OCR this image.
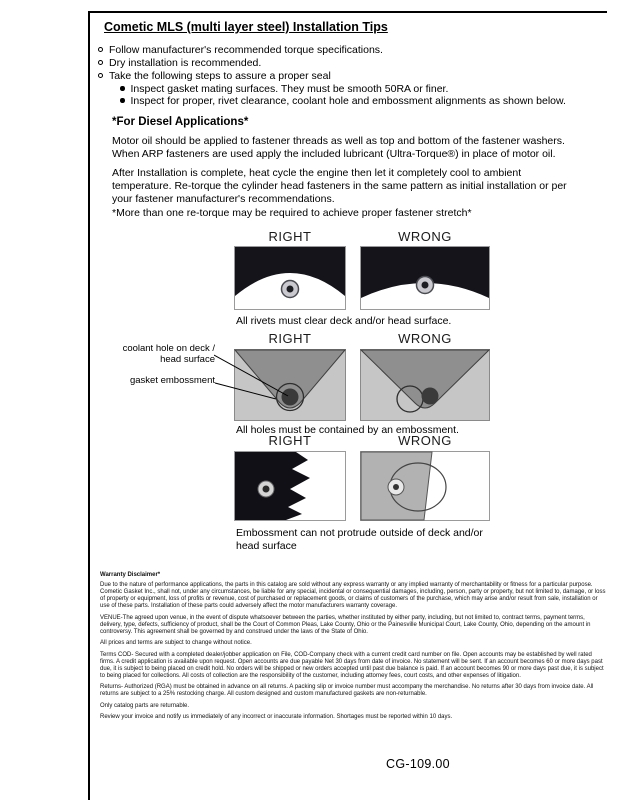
Cometic MLS (multi layer steel) Installation Tips
Follow manufacturer's recommended torque specifications.
Dry installation is recommended.
Take the following steps to assure a proper seal
Inspect gasket mating surfaces. They must be smooth 50RA or finer.
Inspect for proper, rivet clearance, coolant hole and embossment alignments as shown below.
*For Diesel Applications*
Motor oil should be applied to fastener threads as well as top and bottom of the fastener washers. When ARP fasteners are used apply the included lubricant (Ultra-Torque®) in place of motor oil.
After Installation is complete, heat cycle the engine then let it completely cool to ambient temperature. Re-torque the cylinder head fasteners in the same pattern as initial installation or per your fastener manufacturer's recommendations.
*More than one re-torque may be required to achieve proper fastener stretch*
RIGHT	WRONG
All rivets must clear deck and/or head surface.
RIGHT	WRONG
coolant hole on deck / head surface
gasket embossment
All holes must be contained by an embossment.
RIGHT	WRONG
Embossment can not protrude outside of deck and/or head surface
Warranty Disclaimer*
Due to the nature of performance applications, the parts in this catalog are sold without any express warranty or any implied warranty of merchantability or fitness for a particular purpose. Cometic Gasket Inc., shall not, under any circumstances, be liable for any special, incidental or consequential damages, including, person, party or property, but not limited to, damage, or loss of property or equipment, loss of profits or revenue, cost of purchased or replacement goods, or claims of customers of the purchase, which may arise and/or result from sale, installation or use of these parts. Installation of these parts could adversely affect the motor manufacturers warranty coverage.
VENUE-The agreed upon venue, in the event of dispute whatsoever between the parties, whether instituted by either party, including, but not limited to, contract terms, payment terms, delivery, type, defects, sufficiency of product, shall be the Court of Common Pleas, Lake County, Ohio or the Painesville Municipal Court, Lake County, Ohio, depending on the amount in controversy. This agreement shall be governed by and construed under the laws of the State of Ohio.
All prices and terms are subject to change without notice.
Terms COD- Secured with a completed dealer/jobber application on File, COD-Company check with a current credit card number on file. Open accounts may be established by well rated firms. A credit application is available upon request. Open accounts are due payable Net 30 days from date of invoice. No statement will be sent. If an account becomes 60 or more days past due, it is subject to being placed on credit hold. No orders will be shipped or new orders accepted until past due balance is paid. If an account becomes 90 or more days past due, it is subject to being placed for collections. All costs of collection are the responsibility of the customer, including attorney fees, court costs, and other expenses of litigation.
Returns- Authorized (RGA) must be obtained in advance on all returns. A packing slip or invoice number must accompany the merchandise. No returns after 30 days from invoice date. All returns are subject to a 25% restocking charge. All custom designed and custom manufactured gaskets are non-returnable.
Only catalog parts are returnable.
Review your invoice and notify us immediately of any incorrect or inaccurate information. Shortages must be reported within 10 days.
CG-109.00
